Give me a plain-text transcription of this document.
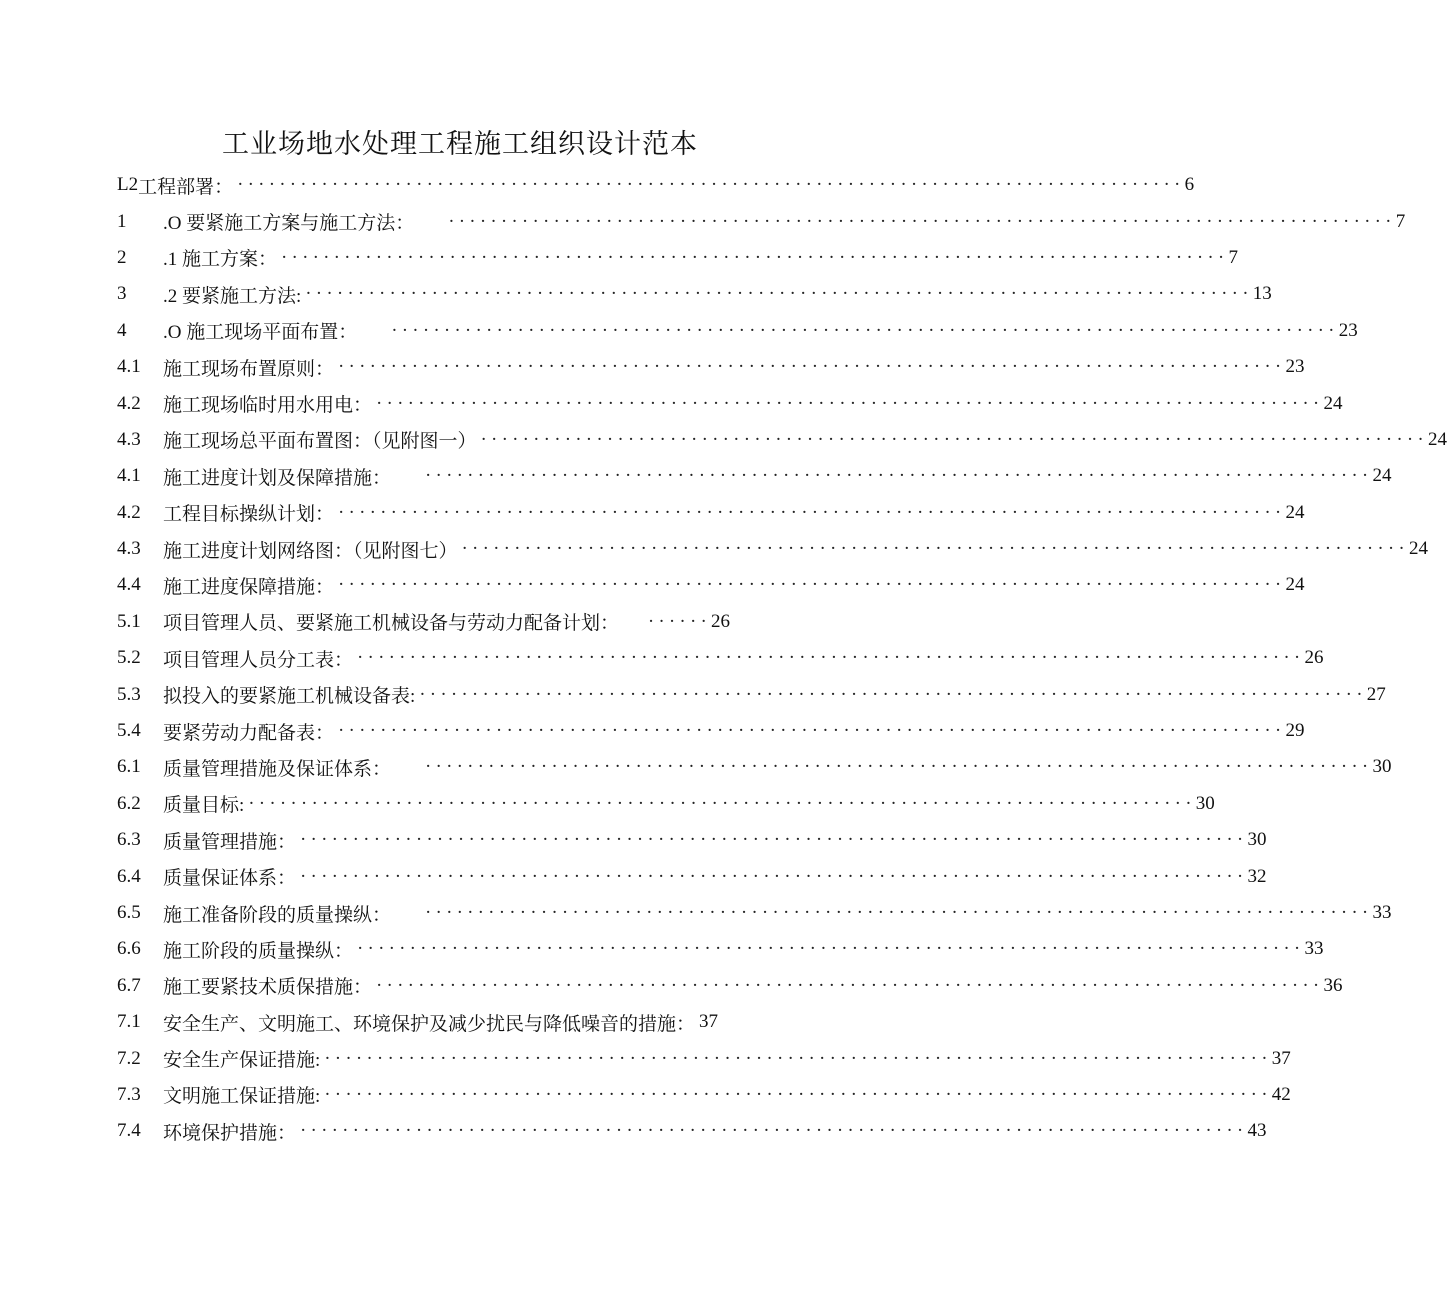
工业场地水处理工程施工组织设计范本
L2 工程部署： ·························································································· 6
1	.O 要紧施工方案与施工方法： ·························································································· 7
2	.1 施工方案： ·························································································· 7
3	.2 要紧施工方法: ·························································································· 13
4	.O 施工现场平面布置： ·························································································· 23
4.1	施工现场布置原则： ·························································································· 23
4.2	施工现场临时用水用电： ·························································································· 24
4.3	施工现场总平面布置图：（见附图一） ·························································································· 24
4.1	施工进度计划及保障措施： ·························································································· 24
4.2	工程目标操纵计划： ·························································································· 24
4.3	施工进度计划网络图：（见附图七） ·························································································· 24
4.4	施工进度保障措施： ·························································································· 24
5.1	项目管理人员、要紧施工机械设备与劳动力配备计划： ······ 26
5.2	项目管理人员分工表： ·························································································· 26
5.3	拟投入的要紧施工机械设备表: ·························································································· 27
5.4	要紧劳动力配备表： ·························································································· 29
6.1	质量管理措施及保证体系： ·························································································· 30
6.2	质量目标: ·························································································· 30
6.3	质量管理措施： ·························································································· 30
6.4	质量保证体系： ·························································································· 32
6.5	施工准备阶段的质量操纵： ·························································································· 33
6.6	施工阶段的质量操纵： ·························································································· 33
6.7	施工要紧技术质保措施： ·························································································· 36
7.1	安全生产、文明施工、环境保护及减少扰民与降低噪音的措施： 37
7.2	安全生产保证措施: ·························································································· 37
7.3	文明施工保证措施: ·························································································· 42
7.4	环境保护措施： ·························································································· 43
